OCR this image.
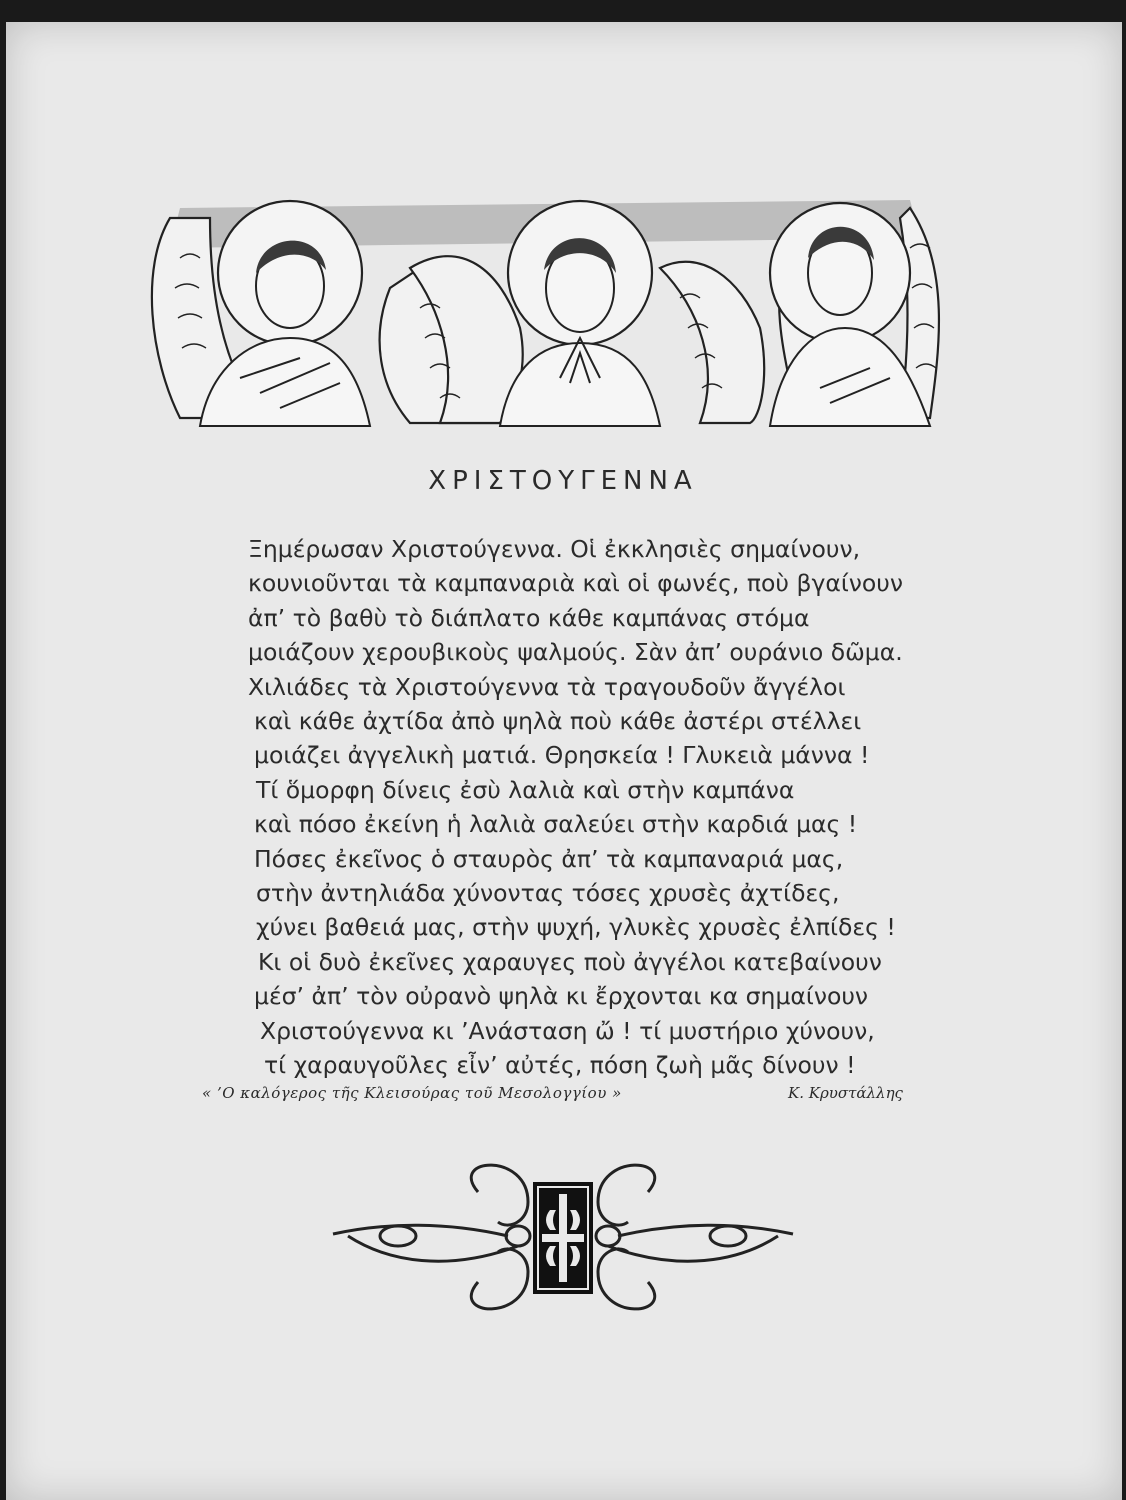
ΧΡΙΣΤΟΥΓΕΝΝΑ
Ξημέρωσαν Χριστούγεννα. Οἱ ἐκκλησιὲς σημαίνουν,
κουνιοῦνται τὰ καμπαναριὰ καὶ οἱ φωνές, ποὺ βγαίνουν
ἀπ’ τὸ βαθὺ τὸ διάπλατο κάθε καμπάνας στόμα
μοιάζουν χερουβικοὺς ψαλμούς. Σὰν ἀπ’ ουράνιο δῶμα.
Χιλιάδες τὰ Χριστούγεννα τὰ τραγουδοῦν ἄγγέλοι
καὶ κάθε ἀχτίδα ἀπὸ ψηλὰ ποὺ κάθε ἀστέρι στέλλει
μοιάζει ἀγγελικὴ ματιά. Θρησκεία ! Γλυκειὰ μάννα !
Τί ὅμορφη δίνεις ἐσὺ λαλιὰ καὶ στὴν καμπάνα
καὶ πόσο ἐκείνη ἡ λαλιὰ σαλεύει στὴν καρδιά μας !
Πόσες ἐκεῖνος ὁ σταυρὸς ἀπ’ τὰ καμπαναριά μας,
στὴν ἀντηλιάδα χύνοντας τόσες χρυσὲς ἀχτίδες,
χύνει βαθειά μας, στὴν ψυχή, γλυκὲς χρυσὲς ἐλπίδες !
Κι οἱ δυὸ ἐκεῖνες χαραυγες ποὺ ἀγγέλοι κατεβαίνουν
μέσ’ ἀπ’ τὸν οὐρανὸ ψηλὰ κι ἔρχονται κα σημαίνουν
Χριστούγεννα κι ’Ανάσταση ὤ ! τί μυστήριο χύνουν,
τί χαραυγοῦλες εἶν’ αὐτές, πόση ζωὴ μᾶς δίνουν !
« ’Ο καλόγερος τῆς Κλεισούρας τοῦ Μεσολογγίου »	Κ. Κρυστάλλης
